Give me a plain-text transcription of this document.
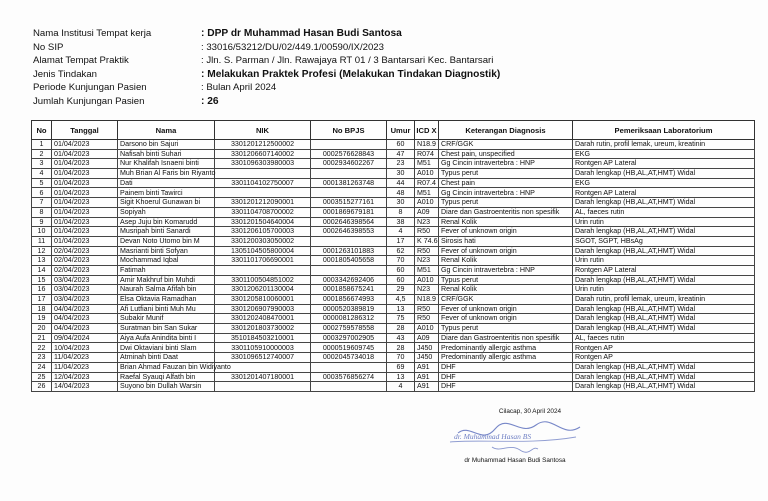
Nama Institusi Tempat kerja	: DPP dr Muhammad Hasan Budi Santosa
No SIP	: 33016/53212/DU/02/449.1/00590/IX/2023
Alamat Tempat Praktik	: Jln. S. Parman / Jln. Rawajaya RT 01 / 3 Bantarsari Kec. Bantarsari
Jenis Tindakan	: Melakukan Praktek Profesi (Melakukan Tindakan Diagnostik)
Periode Kunjungan Pasien	: Bulan April 2024
Jumlah Kunjungan Pasien	: 26
No	Tanggal	Nama	NIK	No BPJS	Umur	ICD X	Keterangan Diagnosis	Pemeriksaan Laboratorium
1	01/04/2023	Darsono bin Sajuri	3301201212500002		60	N18.9	CRF/GGK	Darah rutin, profil lemak, ureum, kreatinin
2	01/04/2023	Nafisah binti Suhari	3301206607140002	0002576628843	47	R074	Chest pain, unspecified	EKG
3	01/04/2023	Nur Khalifah Isnaeni binti	3301096303980003	0002934602267	23	M51	Gg Cincin intravertebra : HNP	Rontgen AP Lateral
4	01/04/2023	Muh Brian Al Faris bin Riyanto			30	A010	Typus perut	Darah lengkap (HB,AL,AT,HMT) Widal
5	01/04/2023	Dati	3301104102750007	0001381263748	44	R07.4	Chest pain	EKG
6	01/04/2023	Painem binti Tawirci			48	M51	Gg Cincin intravertebra : HNP	Rontgen AP Lateral
7	01/04/2023	Sigit Khoerul Gunawan bi	3301201212090001	0003515277161	30	A010	Typus perut	Darah lengkap (HB,AL,AT,HMT) Widal
8	01/04/2023	Sopiyah	3301104708700002	0001869679181	8	A09	Diare dan Gastroenteritis non spesifik	AL, faeces rutin
9	01/04/2023	Asep Juju bin Komarudd	3301201504640004	0002646398564	38	N23	Renal Kolik	Urin rutin
10	01/04/2023	Musripah binti Sanardi	3301206105700003	0002646398553	4	R50	Fever of unknown origin	Darah lengkap (HB,AL,AT,HMT) Widal
11	01/04/2023	Devan Noto Utomo bin M	3301200303050002		17	K 74.6	Sirosis hati	SGOT, SGPT, HBsAg
12	02/04/2023	Masrianti binti Sofyan	1305104505800004	0001263101883	62	R50	Fever of unknown origin	Darah lengkap (HB,AL,AT,HMT) Widal
13	02/04/2023	Mochammad Iqbal	3301101706690001	0001805405658	70	N23	Renal Kolik	Urin rutin
14	02/04/2023	Fatimah			60	M51	Gg Cincin intravertebra : HNP	Rontgen AP Lateral
15	03/04/2023	Amir Makhruf bin Muhdi	3301100504851002	0003342692406	60	A010	Typus perut	Darah lengkap (HB,AL,AT,HMT) Widal
16	03/04/2023	Naurah Salma Afifah bin	3301206201130004	0001858675241	29	N23	Renal Kolik	Urin rutin
17	03/04/2023	Elsa Oktavia Ramadhan	3301205810060001	0001856674993	4,5	N18.9	CRF/GGK	Darah rutin, profil lemak, ureum, kreatinin
18	04/04/2023	Afi Lutfiani binti Muh Mu	3301206907990003	0000520389819	13	R50	Fever of unknown origin	Darah lengkap (HB,AL,AT,HMT) Widal
19	04/04/2023	Subakir Munif	3301202408470001	0000081286312	75	R50	Fever of unknown origin	Darah lengkap (HB,AL,AT,HMT) Widal
20	04/04/2023	Suratman bin San Sukar	3301201803730002	0002759578558	28	A010	Typus perut	Darah lengkap (HB,AL,AT,HMT) Widal
21	09/04/2024	Aiya Aufa Anindita binti I	3510184503210001	0003297002905	43	A09	Diare dan Gastroenteritis non spesifik	AL, faeces rutin
22	10/04/2023	Dwi Oktaviani binti Slam	3301105910000003	0000519609745	28	J450	Predominantly allergic asthma	Rontgen AP
23	11/04/2023	Atminah binti Daat	3301096512740007	0002045734018	70	J450	Predominantly allergic asthma	Rontgen AP
24	11/04/2023	Brian Ahmad Fauzan bin Widiyanto			69	A91	DHF	Darah lengkap (HB,AL,AT,HMT) Widal
25	12/04/2023	Raefal Syauqi Alfath bin	3301201407180001	0003576856274	13	A91	DHF	Darah lengkap (HB,AL,AT,HMT) Widal
26	14/04/2023	Suyono bin Dullah Warsin			4	A91	DHF	Darah lengkap (HB,AL,AT,HMT) Widal
Cilacap, 30 April 2024
dr. Muhammad Hasan BS
dr Muhammad Hasan Budi Santosa
